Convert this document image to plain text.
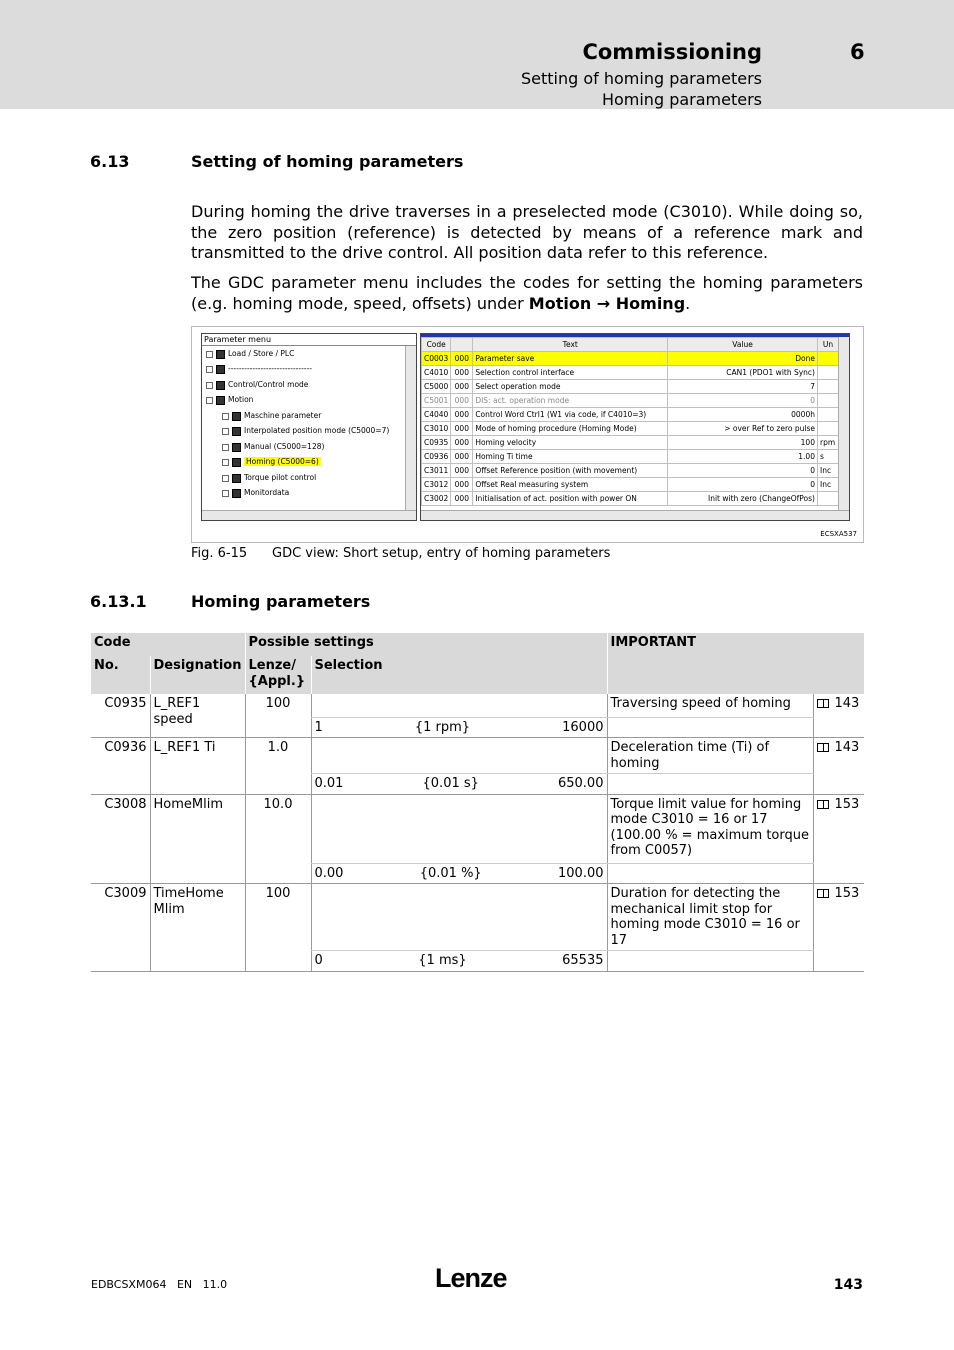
Commissioning	6
Setting of homing parameters
Homing parameters
6.13	Setting of homing parameters
During homing the drive traverses in a preselected mode (C3010). While doing so, the zero position (reference) is detected by means of a reference mark and transmitted to the drive control. All position data refer to this reference.
The GDC parameter menu includes the codes for setting the homing parameters (e.g. homing mode, speed, offsets) under Motion → Homing.
Parameter menu
Load / Store / PLC
-------------------------------
Control/Control mode
Motion
Maschine parameter
Interpolated position mode (C5000=7)
Manual (C5000=128)
Homing (C5000=6)
Torque pilot control
Monitordata
Code		Text	Value	Un
C0003	000	Parameter save	Done	
C4010	000	Selection control interface	CAN1 (PDO1 with Sync)	
C5000	000	Select operation mode	7	
C5001	000	DIS: act. operation mode	0	
C4040	000	Control Word Ctrl1 (W1 via code, if C4010=3)	0000h	
C3010	000	Mode of homing procedure (Homing Mode)	> over Ref to zero pulse	
C0935	000	Homing velocity	100	rpm
C0936	000	Homing Ti time	1.00	s
C3011	000	Offset Reference position (with movement)	0	Inc
C3012	000	Offset Real measuring system	0	Inc
C3002	000	Initialisation of act. position with power ON	Init with zero (ChangeOfPos)	
ECSXA537
Fig. 6-15 GDC view: Short setup, entry of homing parameters
6.13.1	Homing parameters
Code		Possible settings		IMPORTANT	
No.	Designation	Lenze/ {Appl.}	Selection		
C0935	L_REF1 speed	100		Traversing speed of homing	143

			1 {1 rpm} 16000		

C0936	L_REF1 Ti	1.0		Deceleration time (Ti) of homing	143

			0.01 {0.01 s} 650.00		

C3008	HomeMlim	10.0		Torque limit value for homing mode C3010 = 16 or 17 (100.00 % = maximum torque from C0057)	153

			0.00 {0.01 %} 100.00		

C3009	TimeHome Mlim	100		Duration for detecting the mechanical limit stop for homing mode C3010 = 16 or 17	153

			0 {1 ms} 65535		

EDBCSXM064   EN   11.0	Lenze	143
